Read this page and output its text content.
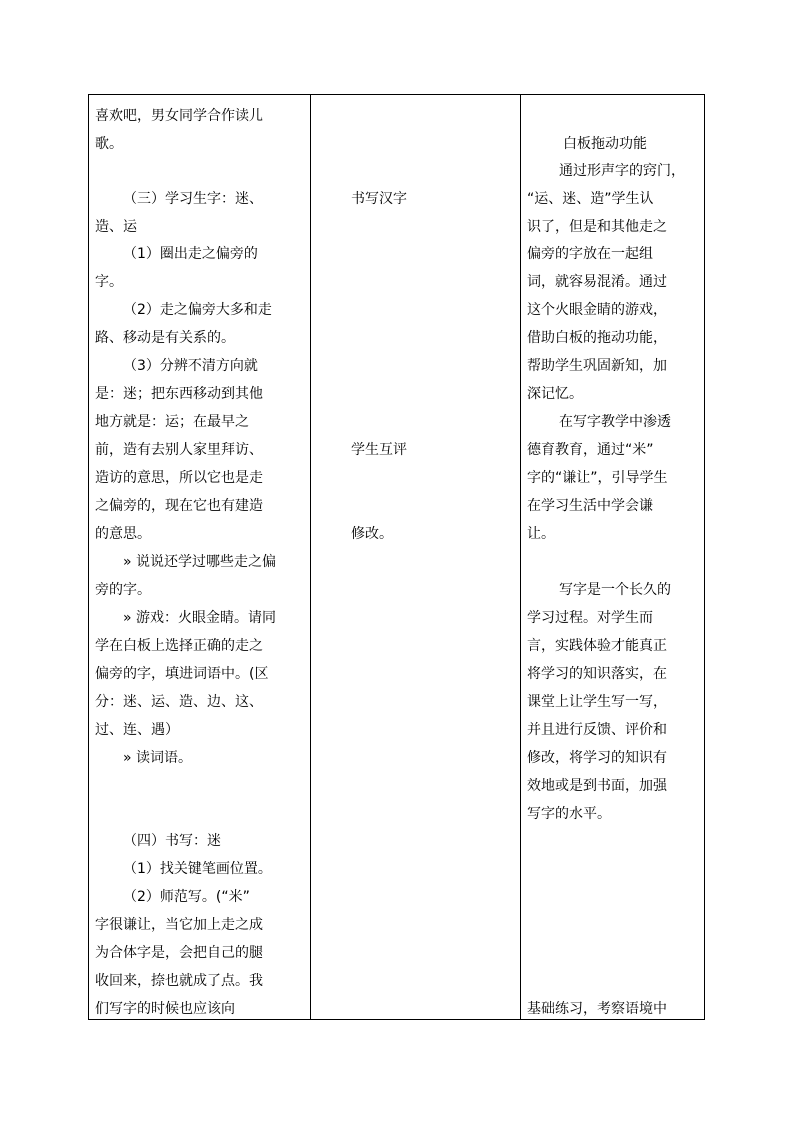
喜欢吧，男女同学合作读儿
歌。
（三）学习生字：迷、
造、运
（1）圈出走之偏旁的
字。
（2）走之偏旁大多和走
路、移动是有关系的。
（3）分辨不清方向就
是：迷；把东西移动到其他
地方就是：运；在最早之
前，造有去别人家里拜访、
造访的意思，所以它也是走
之偏旁的，现在它也有建造
的意思。
» 说说还学过哪些走之偏
旁的字。
» 游戏：火眼金睛。请同
学在白板上选择正确的走之
偏旁的字，填进词语中。(区
分：迷、运、造、边、这、
过、连、遇）
» 读词语。
（四）书写：迷
（1）找关键笔画位置。
（2）师范写。(“米”
字很谦让，当它加上走之成
为合体字是，会把自己的腿
收回来，捺也就成了点。我
们写字的时候也应该向
书写汉字
学生互评
修改。
白板拖动功能
通过形声字的窍门，
“运、迷、造”学生认
识了，但是和其他走之
偏旁的字放在一起组
词，就容易混淆。通过
这个火眼金睛的游戏，
借助白板的拖动功能，
帮助学生巩固新知，加
深记忆。
在写字教学中渗透
德育教育，通过“米”
字的“谦让”，引导学生
在学习生活中学会谦
让。
写字是一个长久的
学习过程。对学生而
言，实践体验才能真正
将学习的知识落实，在
课堂上让学生写一写，
并且进行反馈、评价和
修改，将学习的知识有
效地或是到书面，加强
写字的水平。
基础练习，考察语境中
